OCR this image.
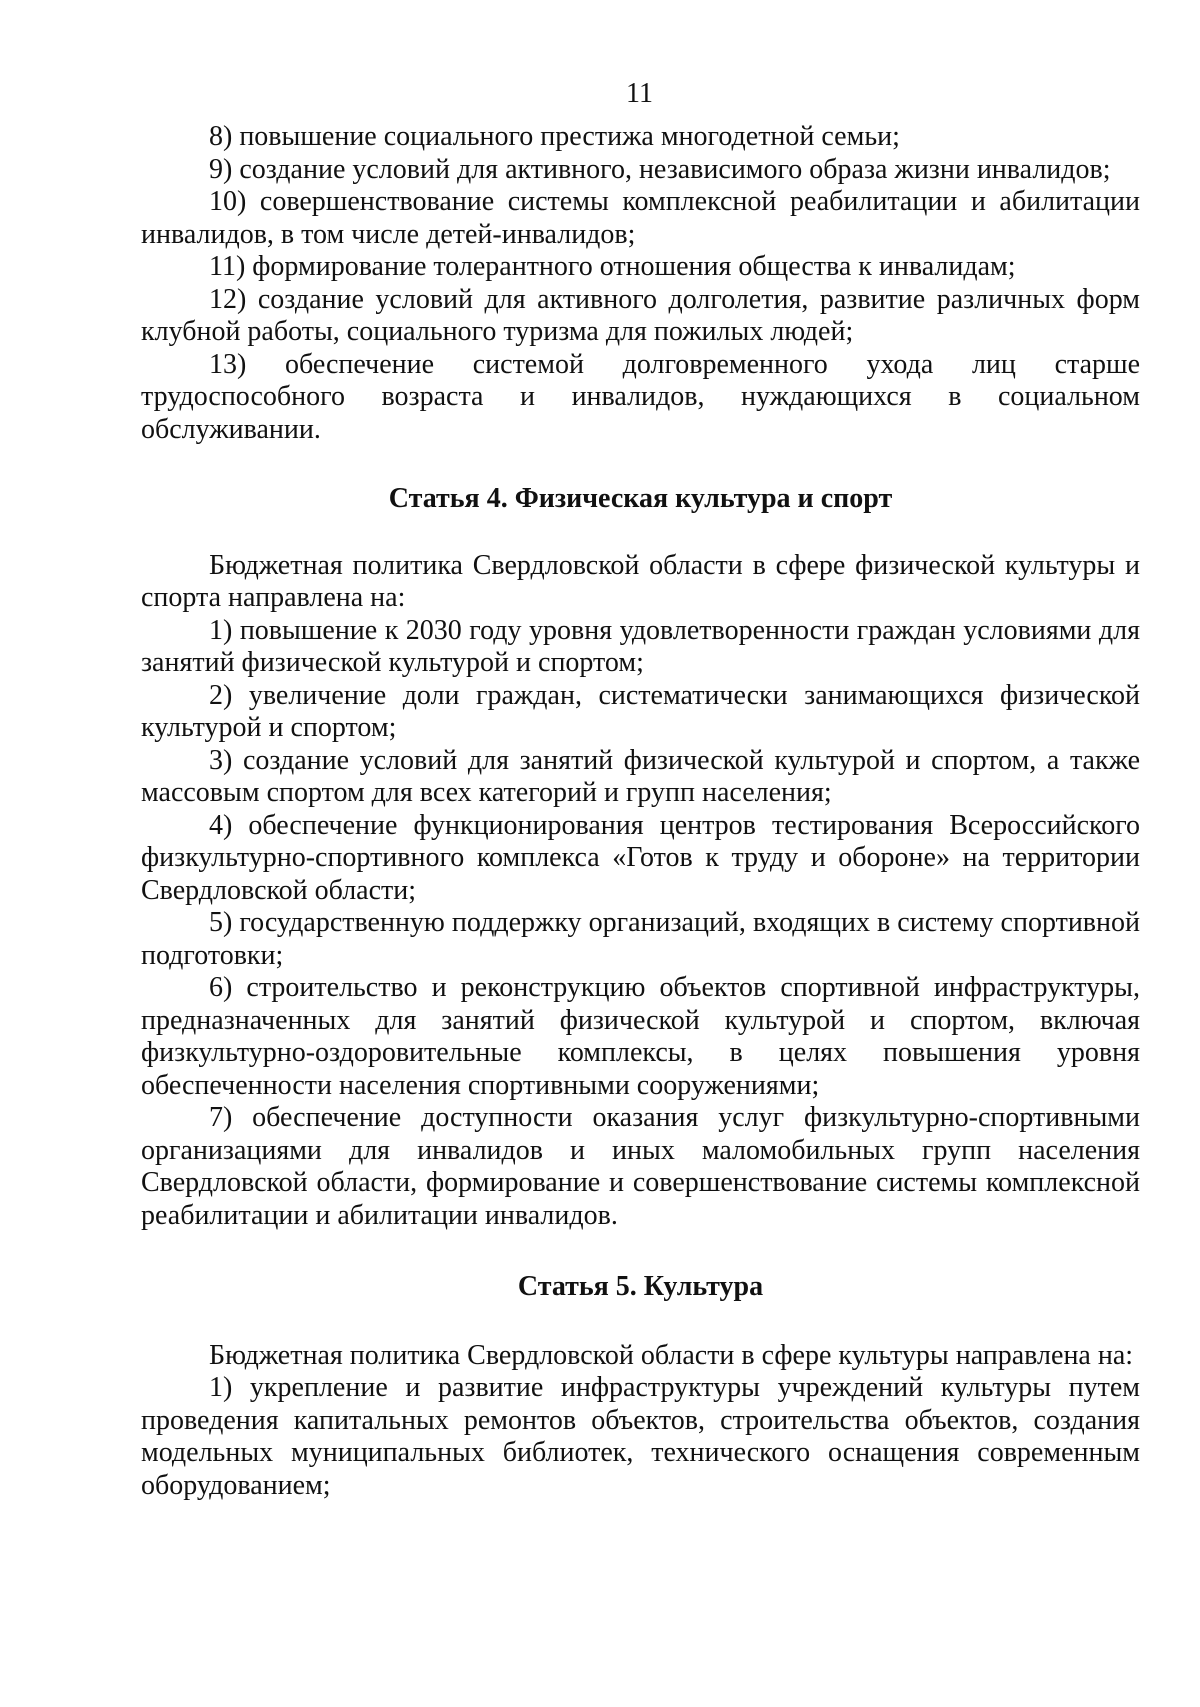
11

8) повышение социального престижа многодетной семьи;

9) создание условий для активного, независимого образа жизни инвалидов;

10) совершенствование системы комплексной реабилитации и абилитации инвалидов, в том числе детей-инвалидов;

11) формирование толерантного отношения общества к инвалидам;

12) создание условий для активного долголетия, развитие различных форм клубной работы, социального туризма для пожилых людей;

13) обеспечение системой долговременного ухода лиц старше трудоспособного возраста и инвалидов, нуждающихся в социальном обслуживании.

Статья 4. Физическая культура и спорт

Бюджетная политика Свердловской области в сфере физической культуры и спорта направлена на:

1) повышение к 2030 году уровня удовлетворенности граждан условиями для занятий физической культурой и спортом;

2) увеличение доли граждан, систематически занимающихся физической культурой и спортом;

3) создание условий для занятий физической культурой и спортом, а также массовым спортом для всех категорий и групп населения;

4) обеспечение функционирования центров тестирования Всероссийского физкультурно-спортивного комплекса «Готов к труду и обороне» на территории Свердловской области;

5) государственную поддержку организаций, входящих в систему спортивной подготовки;

6) строительство и реконструкцию объектов спортивной инфраструктуры, предназначенных для занятий физической культурой и спортом, включая физкультурно-оздоровительные комплексы, в целях повышения уровня обеспеченности населения спортивными сооружениями;

7) обеспечение доступности оказания услуг физкультурно-спортивными организациями для инвалидов и иных маломобильных групп населения Свердловской области, формирование и совершенствование системы комплексной реабилитации и абилитации инвалидов.

Статья 5. Культура

Бюджетная политика Свердловской области в сфере культуры направлена на:

1) укрепление и развитие инфраструктуры учреждений культуры путем проведения капитальных ремонтов объектов, строительства объектов, создания модельных муниципальных библиотек, технического оснащения современным оборудованием;
